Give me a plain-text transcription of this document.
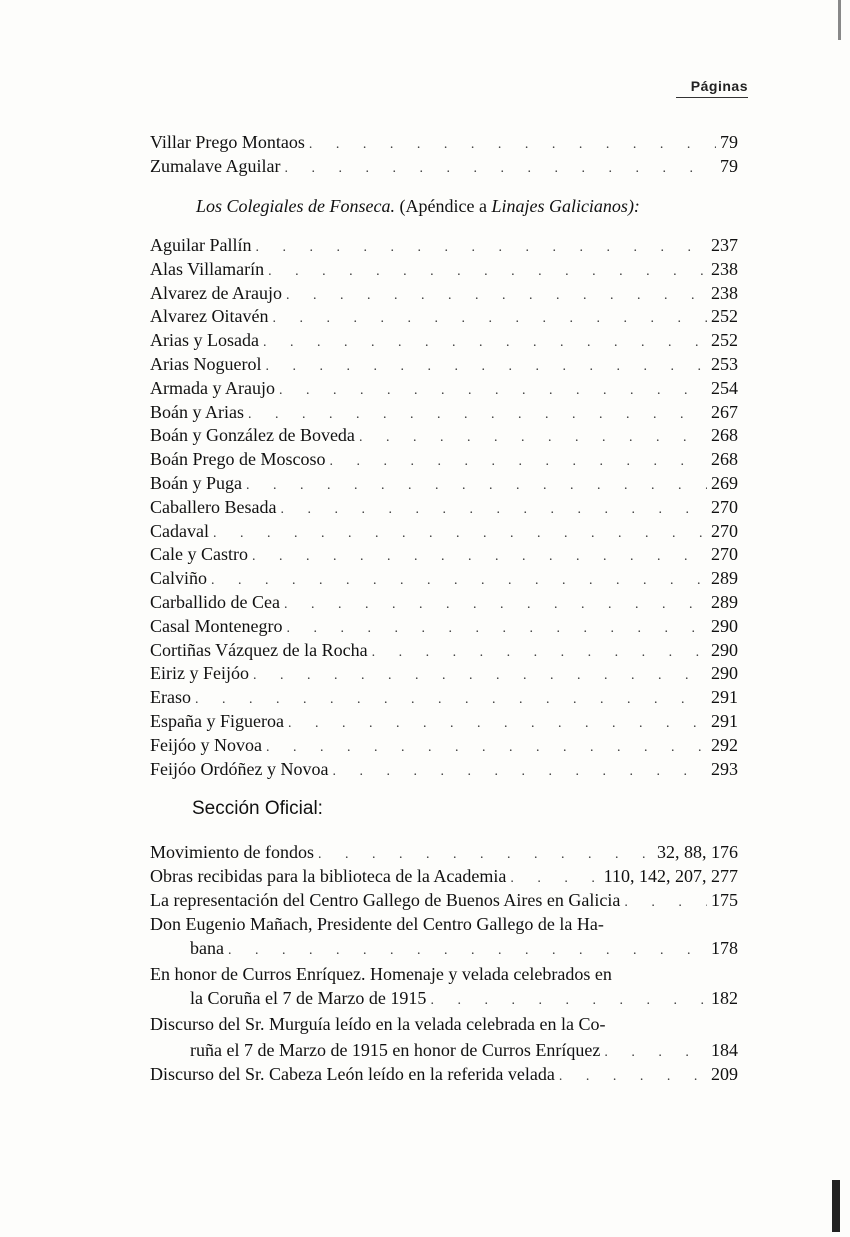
Páginas
Villar Prego Montaos . . .	79
Zumalave Aguilar . . .	79
Los Colegiales de Fonseca. (Apéndice a Linajes Galicianos):
Aguilar Pallín . . .	237
Alas Villamarín . . .	238
Alvarez de Araujo . . .	238
Alvarez Oitavén . . .	252
Arias y Losada . . .	252
Arias Noguerol . . .	253
Armada y Araujo . . .	254
Boán y Arias . . .	267
Boán y González de Boveda . . .	268
Boán Prego de Moscoso . . .	268
Boán y Puga . . .	269
Caballero Besada . . .	270
Cadaval . . .	270
Cale y Castro . . .	270
Calviño . . .	289
Carballido de Cea . . .	289
Casal Montenegro . . .	290
Cortiñas Vázquez de la Rocha . . .	290
Eiriz y Feijóo . . .	290
Eraso . . .	291
España y Figueroa . . .	291
Feijóo y Novoa . . .	292
Feijóo Ordóñez y Novoa . . .	293
Sección Oficial:
Movimiento de fondos . . .	32, 88, 176
Obras recibidas para la biblioteca de la Academia . . .	110, 142, 207, 277
La representación del Centro Gallego de Buenos Aires en Galicia . . .	175
Don Eugenio Mañach, Presidente del Centro Gallego de la Ha-
bana . . .	178
En honor de Curros Enríquez. Homenaje y velada celebrados en
la Coruña el 7 de Marzo de 1915 . . .	182
Discurso del Sr. Murguía leído en la velada celebrada en la Co-
ruña el 7 de Marzo de 1915 en honor de Curros Enríquez . . .	184
Discurso del Sr. Cabeza León leído en la referida velada . . .	209
